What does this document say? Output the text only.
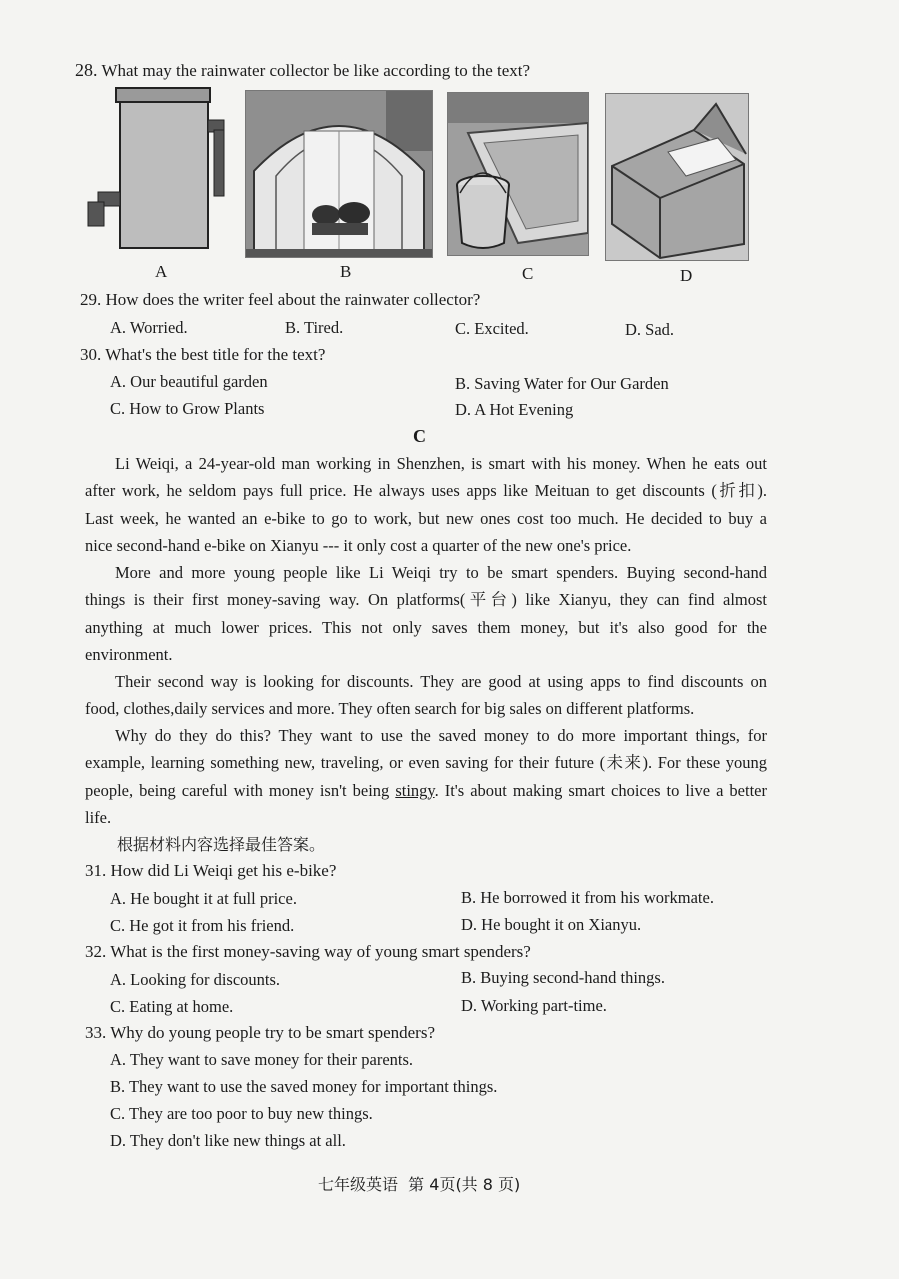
28. What may the rainwater collector be like according to the text?
A	B	C	D
29. How does the writer feel about the rainwater collector?
A. Worried.	B. Tired.	C. Excited.	D. Sad.
30. What's the best title for the text?
A. Our beautiful garden	B. Saving Water for Our Garden
C. How to Grow Plants	D. A Hot Evening
C
Li Weiqi, a 24-year-old man working in Shenzhen, is smart with his money. When he eats out
after work, he seldom pays full price. He always uses apps like Meituan to get discounts (折扣).
Last week, he wanted an e-bike to go to work, but new ones cost too much. He decided to buy a
nice second-hand e-bike on Xianyu --- it only cost a quarter of the new one's price.
More and more young people like Li Weiqi try to be smart spenders. Buying second-hand
things is their first money-saving way. On platforms(平台) like Xianyu, they can find almost
anything at much lower prices. This not only saves them money, but it's also good for the
environment.
Their second way is looking for discounts. They are good at using apps to find discounts on
food, clothes,daily services and more. They often search for big sales on different platforms.
Why do they do this? They want to use the saved money to do more important things, for
example, learning something new, traveling, or even saving for their future (未来). For these young
people, being careful with money isn't being stingy. It's about making smart choices to live a better
life.
根据材料内容选择最佳答案。
31. How did Li Weiqi get his e-bike?
A. He bought it at full price.	B. He borrowed it from his workmate.
C. He got it from his friend.	D. He bought it on Xianyu.
32. What is the first money-saving way of young smart spenders?
A. Looking for discounts.	B. Buying second-hand things.
C. Eating at home.	D. Working part-time.
33. Why do young people try to be smart spenders?
A. They want to save money for their parents.
B. They want to use the saved money for important things.
C. They are too poor to buy new things.
D. They don't like new things at all.
七年级英语  第 4页(共 8 页)
